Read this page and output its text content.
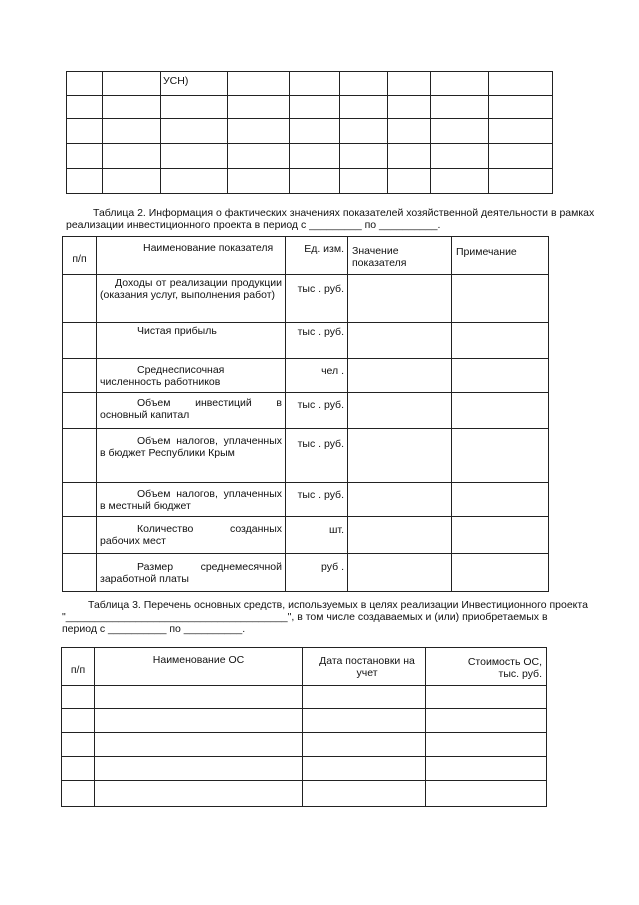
		УСН)						

Таблица 2. Информация о фактических значениях показателей хозяйственной деятельности в рамках
реализации инвестиционного проекта в период с _________ по __________.
п/п	Наименование показателя	Ед. изм.	Значение показателя	Примечание
	Доходы от реализации продукции (оказания услуг, выполнения работ)	тыс . руб.		
	Чистая прибыль	тыс . руб.		
	Среднесписочная численность работников	чел .		
	Объем инвестиций в основный капитал	тыс . руб.		
	Объем налогов, уплаченных в бюджет Республики Крым	тыс . руб.		
	Объем налогов, уплаченных в местный бюджет	тыс . руб.		
	Количество созданных рабочих мест	шт.		
	Размер среднемесячной заработной платы	руб .		
Таблица 3. Перечень основных средств, используемых в целях реализации Инвестиционного проекта
"______________________________________", в том числе создаваемых и (или) приобретаемых в
период с __________ по __________.
п/п	Наименование ОС	Дата постановки на учет	Стоимость ОС, тыс. руб.
